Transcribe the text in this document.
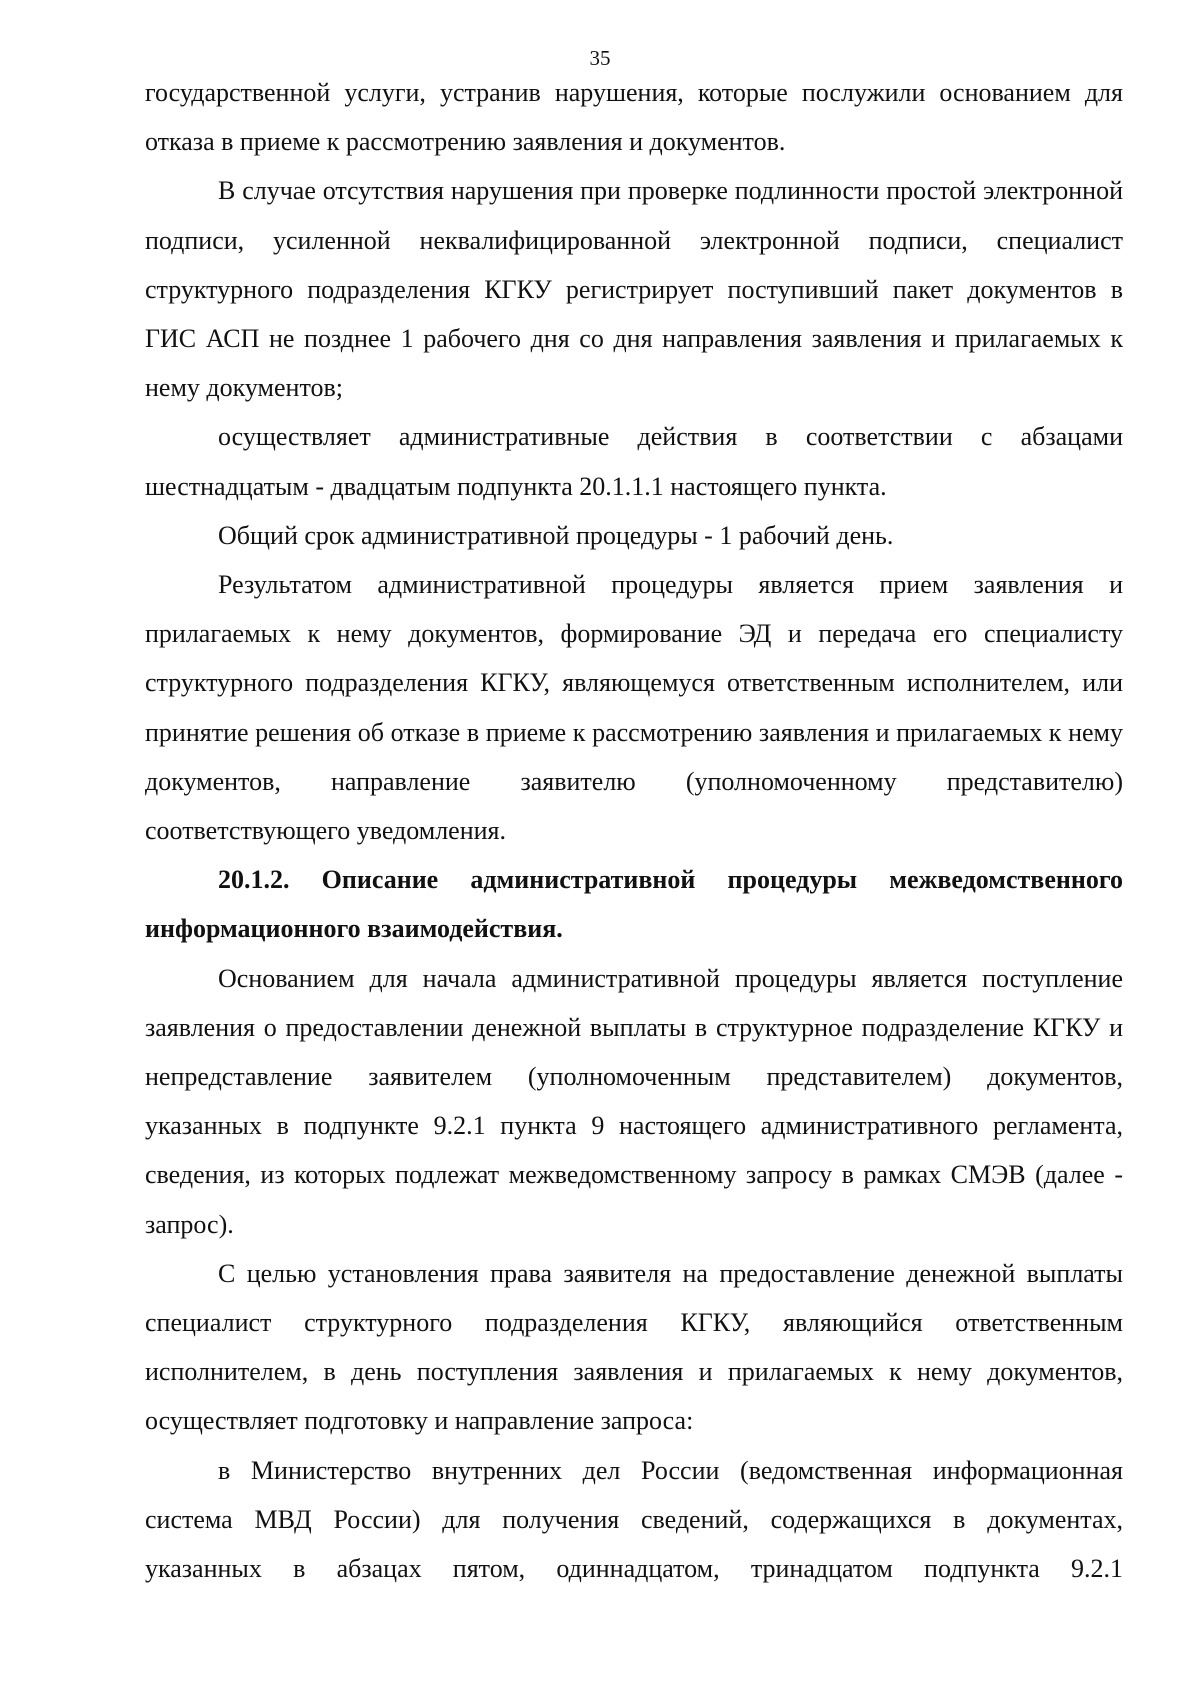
35

государственной услуги, устранив нарушения, которые послужили основанием для отказа в приеме к рассмотрению заявления и документов.

В случае отсутствия нарушения при проверке подлинности простой электронной подписи, усиленной неквалифицированной электронной подписи, специалист структурного подразделения КГКУ регистрирует поступивший пакет документов в ГИС АСП не позднее 1 рабочего дня со дня направления заявления и прилагаемых к нему документов;

осуществляет административные действия в соответствии с абзацами шестнадцатым - двадцатым подпункта 20.1.1.1 настоящего пункта.

Общий срок административной процедуры - 1 рабочий день.

Результатом административной процедуры является прием заявления и прилагаемых к нему документов, формирование ЭД и передача его специалисту структурного подразделения КГКУ, являющемуся ответственным исполнителем, или принятие решения об отказе в приеме к рассмотрению заявления и прилагаемых к нему документов, направление заявителю (уполномоченному представителю) соответствующего уведомления.

20.1.2. Описание административной процедуры межведомственного информационного взаимодействия.

Основанием для начала административной процедуры является поступление заявления о предоставлении денежной выплаты в структурное подразделение КГКУ и непредставление заявителем (уполномоченным представителем) документов, указанных в подпункте 9.2.1 пункта 9 настоящего административного регламента, сведения, из которых подлежат межведомственному запросу в рамках СМЭВ (далее - запрос).

С целью установления права заявителя на предоставление денежной выплаты специалист структурного подразделения КГКУ, являющийся ответственным исполнителем, в день поступления заявления и прилагаемых к нему документов, осуществляет подготовку и направление запроса:

в Министерство внутренних дел России (ведомственная информационная система МВД России) для получения сведений, содержащихся в документах, указанных в абзацах пятом, одиннадцатом, тринадцатом подпункта 9.2.1
